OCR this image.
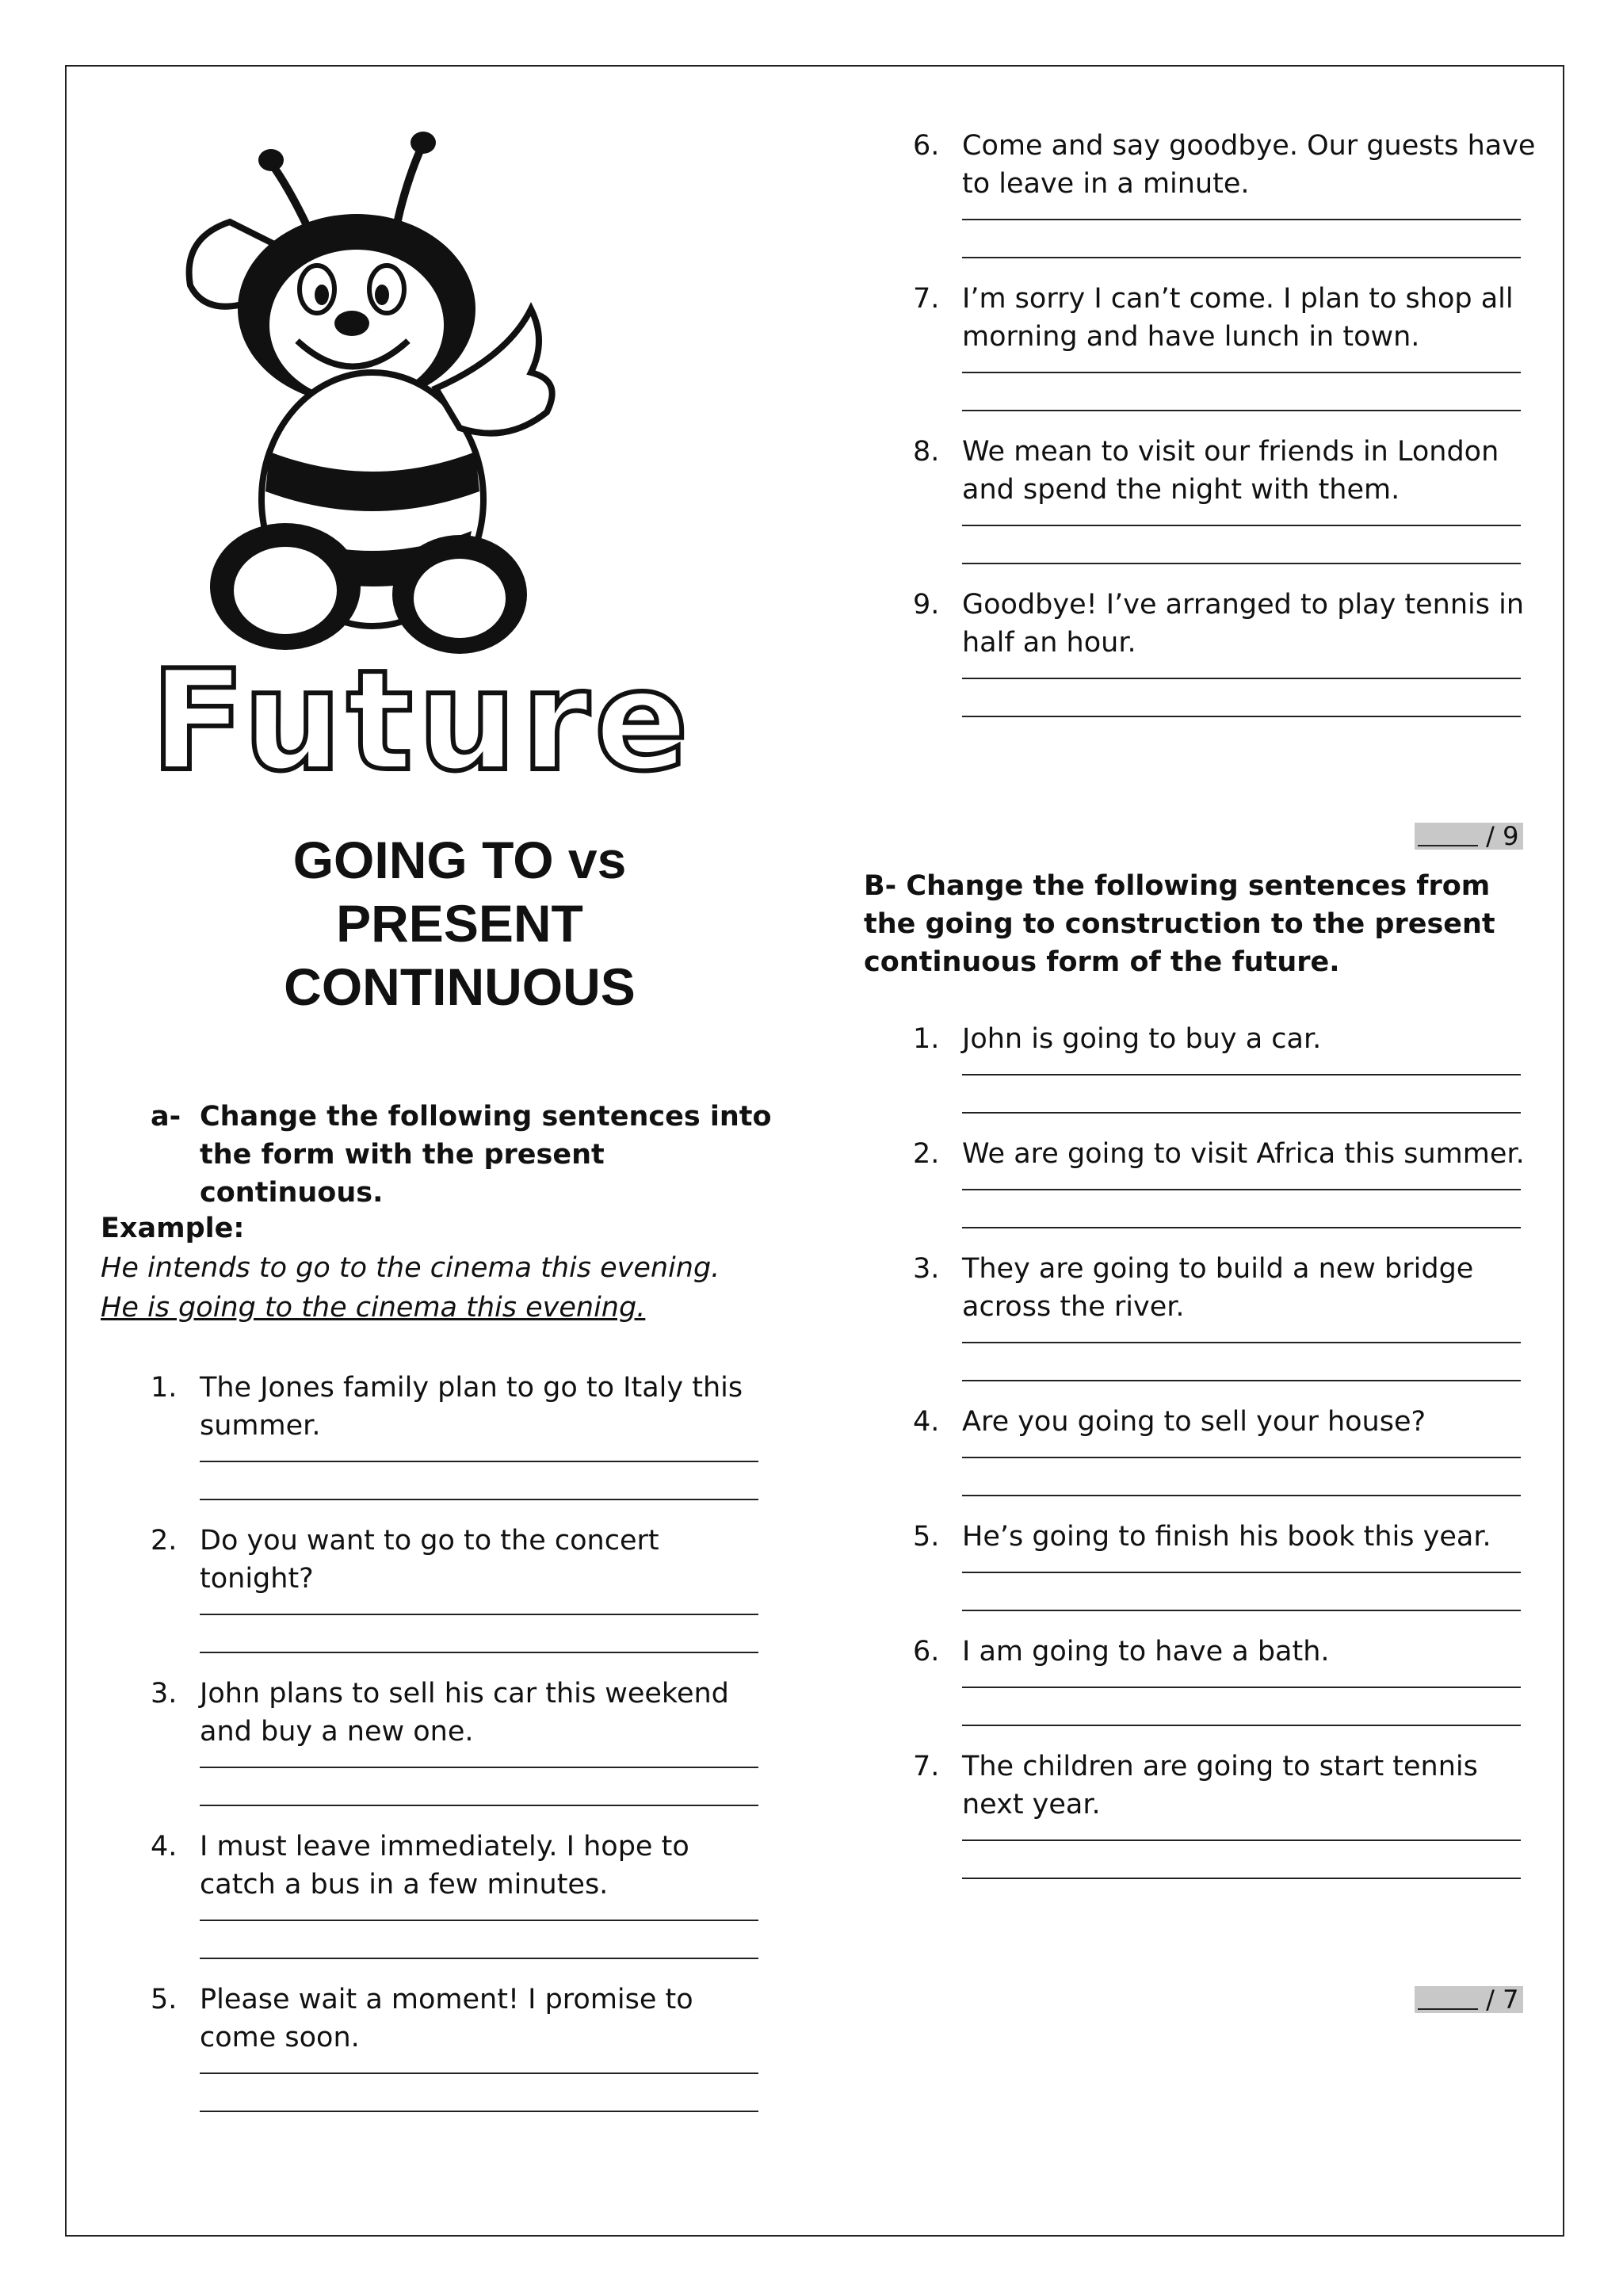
Future
GOING TO vs
PRESENT
CONTINUOUS
a- Change the following sentences into
the form with the present
continuous.
Example:
He intends to go to the cinema this evening.
He is going to the cinema this evening.
1. The Jones family plan to go to Italy this
summer.
2. Do you want to go to the concert
tonight?
3. John plans to sell his car this weekend
and buy a new one.
4. I must leave immediately. I hope to
catch a bus in a few minutes.
5. Please wait a moment! I promise to
come soon.
6. Come and say goodbye. Our guests have
to leave in a minute.
7. I’m sorry I can’t come. I plan to shop all
morning and have lunch in town.
8. We mean to visit our friends in London
and spend the night with them.
9. Goodbye! I’ve arranged to play tennis in
half an hour.
/ 9
B- Change the following sentences from
the going to construction to the present
continuous form of the future.
1. John is going to buy a car.
2. We are going to visit Africa this summer.
3. They are going to build a new bridge
across the river.
4. Are you going to sell your house?
5. He’s going to finish his book this year.
6. I am going to have a bath.
7. The children are going to start tennis
next year.
/ 7
